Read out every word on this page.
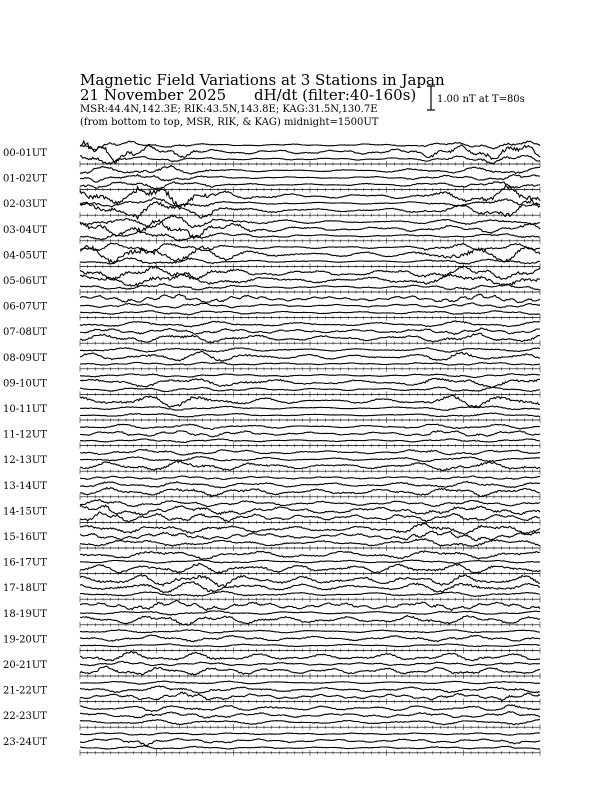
Magnetic Field Variations at 3 Stations in Japan
21 November 2025 dH/dt (filter:40-160s)
MSR:44.4N,142.3E; RIK:43.5N,143.8E; KAG:31.5N,130.7E
(from bottom to top, MSR, RIK, & KAG) midnight=1500UT
1.00 nT at T=80s
00-01UT
01-02UT
02-03UT
03-04UT
04-05UT
05-06UT
06-07UT
07-08UT
08-09UT
09-10UT
10-11UT
11-12UT
12-13UT
13-14UT
14-15UT
15-16UT
16-17UT
17-18UT
18-19UT
19-20UT
20-21UT
21-22UT
22-23UT
23-24UT
